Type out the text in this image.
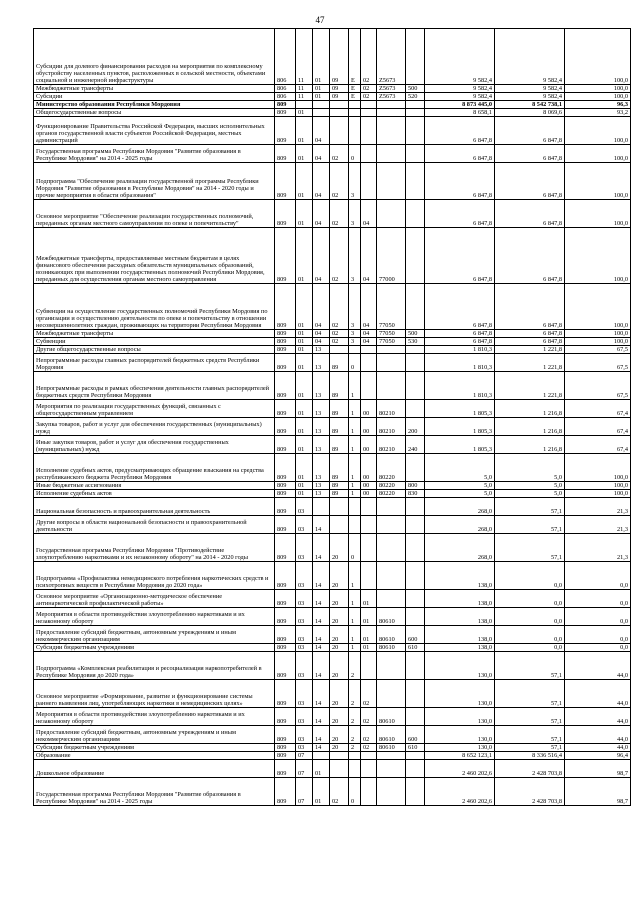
47
Субсидии для долевого финансирования расходов на мероприятия по комплексному обустройству населенных пунктов, расположенных в сельской местности, объектами социальной и инженерной инфраструктуры	806	11	01	09	Е	02	Z5673		9 582,4	9 582,4	100,0
Межбюджетные трансферты	806	11	01	09	Е	02	Z5673	500	9 582,4	9 582,4	100,0
Субсидии	806	11	01	09	Е	02	Z5673	520	9 582,4	9 582,4	100,0
Министерство образования Республики Мордовия	809								8 873 445,0	8 542 738,1	96,3
Общегосударственные вопросы	809	01							8 658,1	8 069,6	93,2
Функционирование Правительства Российской Федерации, высших исполнительных органов государственной власти субъектов Российской Федерации, местных администраций	809	01	04						6 847,8	6 847,8	100,0
Государственная программа Республики Мордовия "Развитие образования в Республике Мордовия" на 2014 - 2025 годы	809	01	04	02	0				6 847,8	6 847,8	100,0
Подпрограмма "Обеспечение реализации государственной программы Республики Мордовия "Развитие образования в Республике Мордовия" на 2014 - 2020 годы и прочие мероприятия в области образования"	809	01	04	02	3				6 847,8	6 847,8	100,0
Основное мероприятие "Обеспечение реализации государственных полномочий, переданных органам местного самоуправления по опеке и попечительству"	809	01	04	02	3	04			6 847,8	6 847,8	100,0
Межбюджетные трансферты, предоставляемые местным бюджетам в целях финансового обеспечения расходных обязательств муниципальных образований, возникающих при выполнении государственных полномочий Республики Мордовия, переданных для осуществления органам местного самоуправления	809	01	04	02	3	04	77000		6 847,8	6 847,8	100,0
Субвенции на осуществление государственных полномочий Республики Мордовия по организации и осуществлению деятельности по опеке и попечительству в отношении несовершеннолетних граждан, проживающих на территории Республики Мордовия	809	01	04	02	3	04	77050		6 847,8	6 847,8	100,0
Межбюджетные трансферты	809	01	04	02	3	04	77050	500	6 847,8	6 847,8	100,0
Субвенции	809	01	04	02	3	04	77050	530	6 847,8	6 847,8	100,0
Другие общегосударственные вопросы	809	01	13						1 810,3	1 221,8	67,5
Непрограммные расходы главных распорядителей бюджетных средств Республики Мордовия	809	01	13	89	0				1 810,3	1 221,8	67,5
Непрограммные расходы в рамках обеспечения деятельности главных распорядителей бюджетных средств Республики Мордовия	809	01	13	89	1				1 810,3	1 221,8	67,5
Мероприятия по реализации государственных функций, связанных с общегосударственным управлением	809	01	13	89	1	00	80210		1 805,3	1 216,8	67,4
Закупка товаров, работ и услуг для обеспечения государственных (муниципальных) нужд	809	01	13	89	1	00	80210	200	1 805,3	1 216,8	67,4
Иные закупки товаров, работ и услуг для обеспечения государственных (муниципальных) нужд	809	01	13	89	1	00	80210	240	1 805,3	1 216,8	67,4
Исполнение судебных актов, предусматривающих обращение взыскания на средства республиканского бюджета Республики Мордовия	809	01	13	89	1	00	80220		5,0	5,0	100,0
Иные бюджетные ассигнования	809	01	13	89	1	00	80220	800	5,0	5,0	100,0
Исполнение судебных актов	809	01	13	89	1	00	80220	830	5,0	5,0	100,0
Национальная безопасность и правоохранительная деятельность	809	03							268,0	57,1	21,3
Другие вопросы в области национальной безопасности и правоохранительной деятельности	809	03	14						268,0	57,1	21,3
Государственная программа Республики Мордовия "Противодействие злоупотреблению наркотиками и их незаконному обороту" на 2014 - 2020 годы	809	03	14	20	0				268,0	57,1	21,3
Подпрограмма «Профилактика немедицинского потребления наркотических средств и психотропных веществ в Республике Мордовия до 2020 года»	809	03	14	20	1				138,0	0,0	0,0
Основное мероприятие «Организационно-методическое обеспечение антинаркотической профилактической работы»	809	03	14	20	1	01			138,0	0,0	0,0
Мероприятия в области противодействия злоупотреблению наркотиками и их незаконному обороту	809	03	14	20	1	01	80610		138,0	0,0	0,0
Предоставление субсидий бюджетным, автономным учреждениям и иным некоммерческим организациям	809	03	14	20	1	01	80610	600	138,0	0,0	0,0
Субсидии бюджетным учреждениям	809	03	14	20	1	01	80610	610	138,0	0,0	0,0
Подпрограмма «Комплексная реабилитация и ресоциализация наркопотребителей в Республике Мордовия до 2020 года»	809	03	14	20	2				130,0	57,1	44,0
Основное мероприятие «Формирование, развитие и функционирование системы раннего выявления лиц, употребляющих наркотики в немедицинских целях»	809	03	14	20	2	02			130,0	57,1	44,0
Мероприятия в области противодействия злоупотреблению наркотиками и их незаконному обороту	809	03	14	20	2	02	80610		130,0	57,1	44,0
Предоставление субсидий бюджетным, автономным учреждениям и иным некоммерческим организациям	809	03	14	20	2	02	80610	600	130,0	57,1	44,0
Субсидии бюджетным учреждениям	809	03	14	20	2	02	80610	610	130,0	57,1	44,0
Образование	809	07							8 652 123,1	8 336 516,4	96,4
Дошкольное образование	809	07	01						2 460 202,6	2 428 703,8	98,7
Государственная программа Республики Мордовия "Развитие образования в Республике Мордовия" на 2014 - 2025 годы	809	07	01	02	0				2 460 202,6	2 428 703,8	98,7
